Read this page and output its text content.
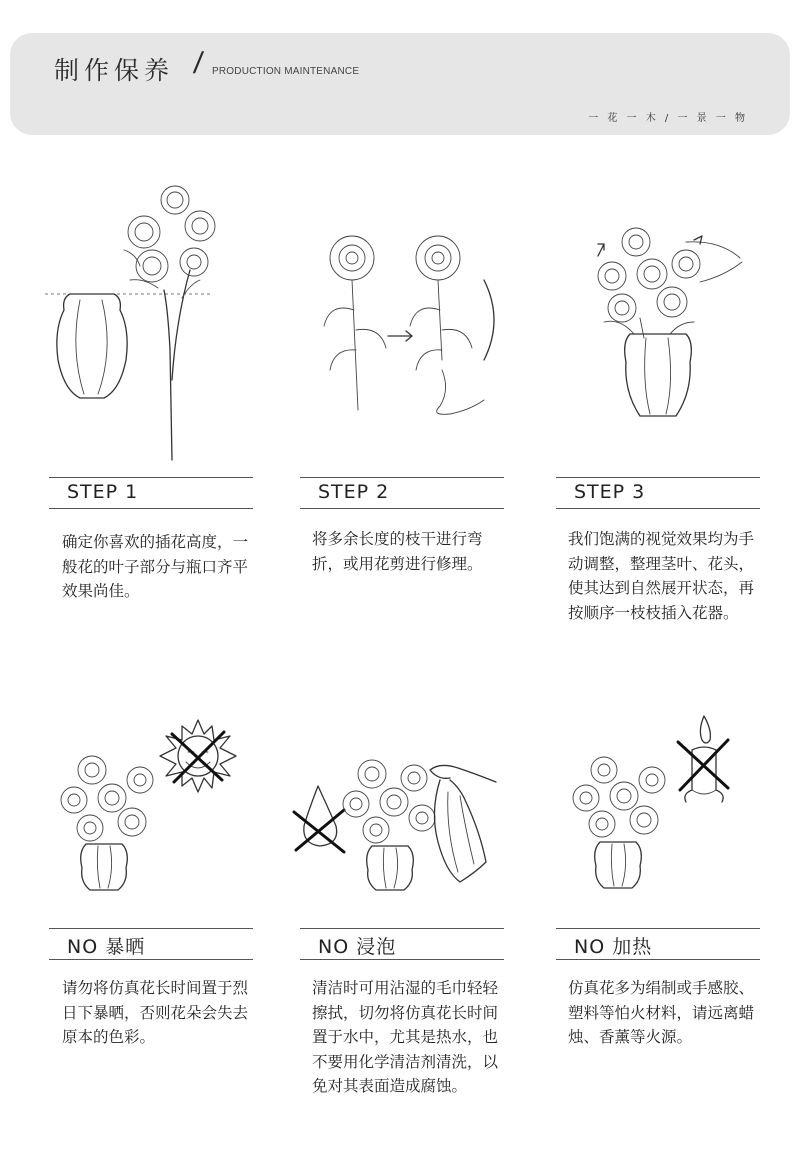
制作保养 / PRODUCTION MAINTENANCE
一 花 一 木 / 一 景 一 物
STEP 1	STEP 2	STEP 3
确定你喜欢的插花高度，一般花的叶子部分与瓶口齐平效果尚佳。
将多余长度的枝干进行弯折，或用花剪进行修理。
我们饱满的视觉效果均为手动调整，整理茎叶、花头，使其达到自然展开状态，再按顺序一枝枝插入花器。
NO 暴晒	NO 浸泡	NO 加热
请勿将仿真花长时间置于烈日下暴晒，否则花朵会失去原本的色彩。
清洁时可用沾湿的毛巾轻轻擦拭，切勿将仿真花长时间置于水中，尤其是热水，也不要用化学清洁剂清洗，以免对其表面造成腐蚀。
仿真花多为绢制或手感胶、塑料等怕火材料，请远离蜡烛、香薰等火源。
